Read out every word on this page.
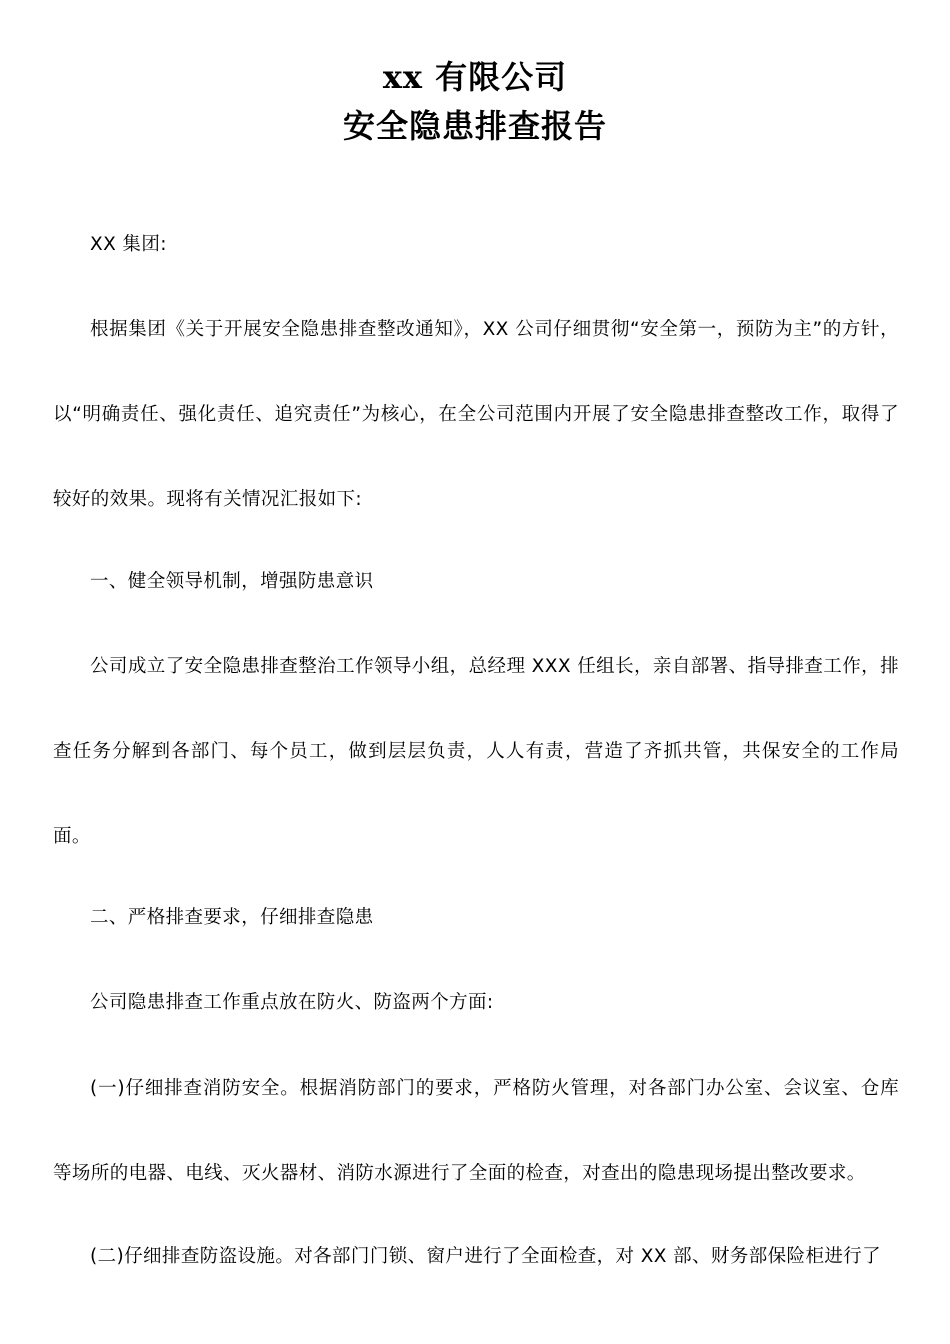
xx 有限公司
安全隐患排查报告
XX 集团:
根据集团《关于开展安全隐患排查整改通知》，XX 公司仔细贯彻“安全第一，预防为主”的方针，以“明确责任、强化责任、追究责任”为核心，在全公司范围内开展了安全隐患排查整改工作，取得了较好的效果。现将有关情况汇报如下:
一、健全领导机制，增强防患意识
公司成立了安全隐患排查整治工作领导小组，总经理 XXX 任组长，亲自部署、指导排查工作，排查任务分解到各部门、每个员工，做到层层负责，人人有责，营造了齐抓共管，共保安全的工作局面。
二、严格排查要求，仔细排查隐患
公司隐患排查工作重点放在防火、防盗两个方面:
(一)仔细排查消防安全。根据消防部门的要求，严格防火管理，对各部门办公室、会议室、仓库等场所的电器、电线、灭火器材、消防水源进行了全面的检查，对查出的隐患现场提出整改要求。
(二)仔细排查防盗设施。对各部门门锁、窗户进行了全面检查，对 XX 部、财务部保险柜进行了
